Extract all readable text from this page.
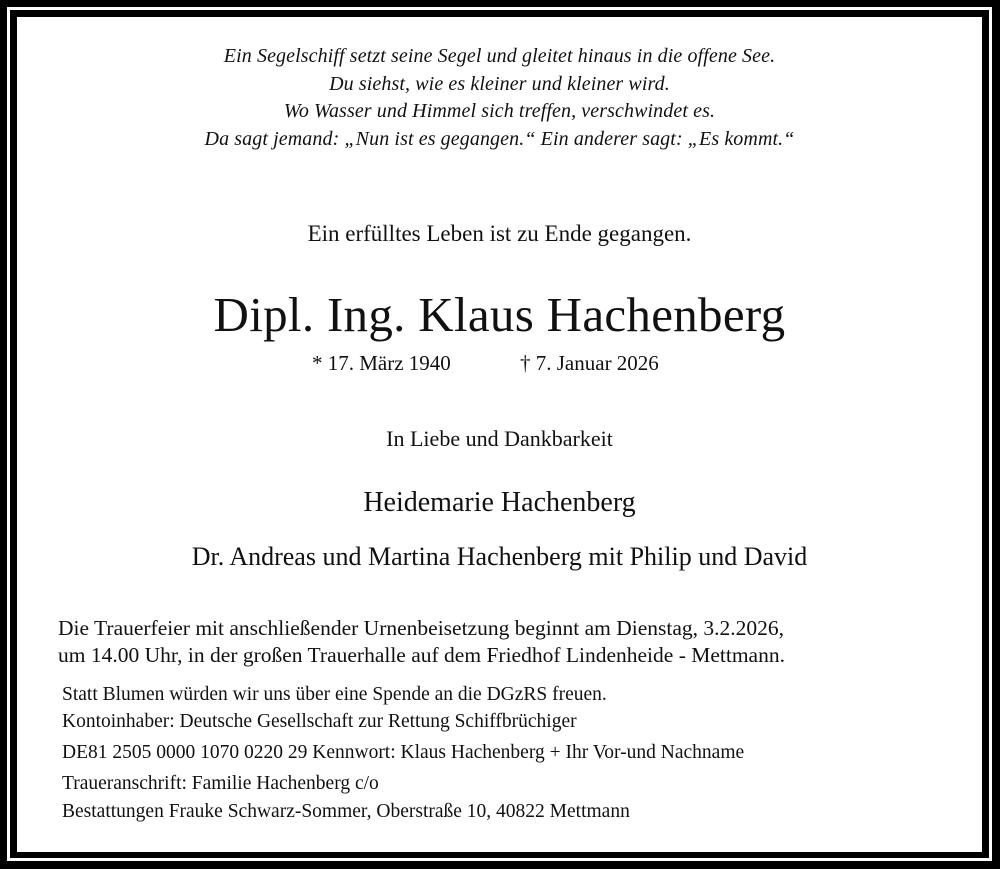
Ein Segelschiff setzt seine Segel und gleitet hinaus in die offene See.
Du siehst, wie es kleiner und kleiner wird.
Wo Wasser und Himmel sich treffen, verschwindet es.
Da sagt jemand: „Nun ist es gegangen.“ Ein anderer sagt: „Es kommt.“
Ein erfülltes Leben ist zu Ende gegangen.
Dipl. Ing. Klaus Hachenberg
* 17. März 1940	† 7. Januar 2026
In Liebe und Dankbarkeit
Heidemarie Hachenberg
Dr. Andreas und Martina Hachenberg mit Philip und David
Die Trauerfeier mit anschließender Urnenbeisetzung beginnt am Dienstag, 3.2.2026,
um 14.00 Uhr, in der großen Trauerhalle auf dem Friedhof Lindenheide - Mettmann.
Statt Blumen würden wir uns über eine Spende an die DGzRS freuen.
Kontoinhaber: Deutsche Gesellschaft zur Rettung Schiffbrüchiger
DE81 2505 0000 1070 0220 29 Kennwort: Klaus Hachenberg + Ihr Vor-und Nachname
Traueranschrift: Familie Hachenberg c/o
Bestattungen Frauke Schwarz-Sommer, Oberstraße 10, 40822 Mettmann
